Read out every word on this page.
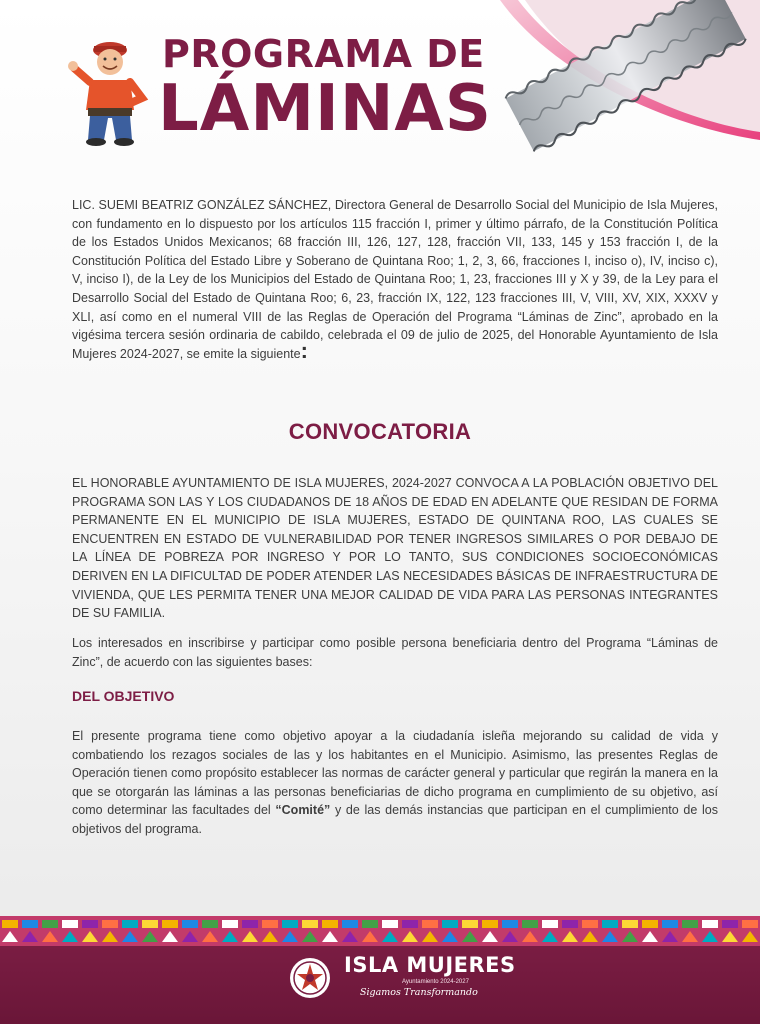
PROGRAMA DE
LÁMINAS

LIC. SUEMI BEATRIZ GONZÁLEZ SÁNCHEZ, Directora General de Desarrollo Social del Municipio de Isla Mujeres, con fundamento en lo dispuesto por los artículos 115 fracción I, primer y último párrafo, de la Constitución Política de los Estados Unidos Mexicanos; 68 fracción III, 126, 127, 128, fracción VII, 133, 145 y 153 fracción I, de la Constitución Política del Estado Libre y Soberano de Quintana Roo; 1, 2, 3, 66, fracciones I, inciso o), IV, inciso c), V, inciso I), de la Ley de los Municipios del Estado de Quintana Roo; 1, 23, fracciones III y X y 39, de la Ley para el Desarrollo Social del Estado de Quintana Roo; 6, 23, fracción IX, 122, 123 fracciones III, V, VIII, XV, XIX, XXXV y XLI, así como en el numeral VIII de las Reglas de Operación del Programa “Láminas de Zinc”, aprobado en la vigésima tercera sesión ordinaria de cabildo, celebrada el 09 de julio de 2025, del Honorable Ayuntamiento de Isla Mujeres 2024-2027, se emite la siguiente:

CONVOCATORIA

EL HONORABLE AYUNTAMIENTO DE ISLA MUJERES, 2024-2027 CONVOCA A LA POBLACIÓN OBJETIVO DEL PROGRAMA SON LAS Y LOS CIUDADANOS DE 18 AÑOS DE EDAD EN ADELANTE QUE RESIDAN DE FORMA PERMANENTE EN EL MUNICIPIO DE ISLA MUJERES, ESTADO DE QUINTANA ROO, LAS CUALES SE ENCUENTREN EN ESTADO DE VULNERABILIDAD POR TENER INGRESOS SIMILARES O POR DEBAJO DE LA LÍNEA DE POBREZA POR INGRESO Y POR LO TANTO, SUS CONDICIONES SOCIOECONÓMICAS DERIVEN EN LA DIFICULTAD DE PODER ATENDER LAS NECESIDADES BÁSICAS DE INFRAESTRUCTURA DE VIVIENDA, QUE LES PERMITA TENER UNA MEJOR CALIDAD DE VIDA PARA LAS PERSONAS INTEGRANTES DE SU FAMILIA.

Los interesados en inscribirse y participar como posible persona beneficiaria dentro del Programa “Láminas de Zinc”, de acuerdo con las siguientes bases:

DEL OBJETIVO

El presente programa tiene como objetivo apoyar a la ciudadanía isleña mejorando su calidad de vida y combatiendo los rezagos sociales de las y los habitantes en el Municipio. Asimismo, las presentes Reglas de Operación tienen como propósito establecer las normas de carácter general y particular que regirán la manera en la que se otorgarán las láminas a las personas beneficiarias de dicho programa en cumplimiento de su objetivo, así como determinar las facultades del “Comité” y de las demás instancias que participan en el cumplimiento de los objetivos del programa.

ISLA MUJERES

Ayuntamiento 2024-2027

Sigamos Transformando
